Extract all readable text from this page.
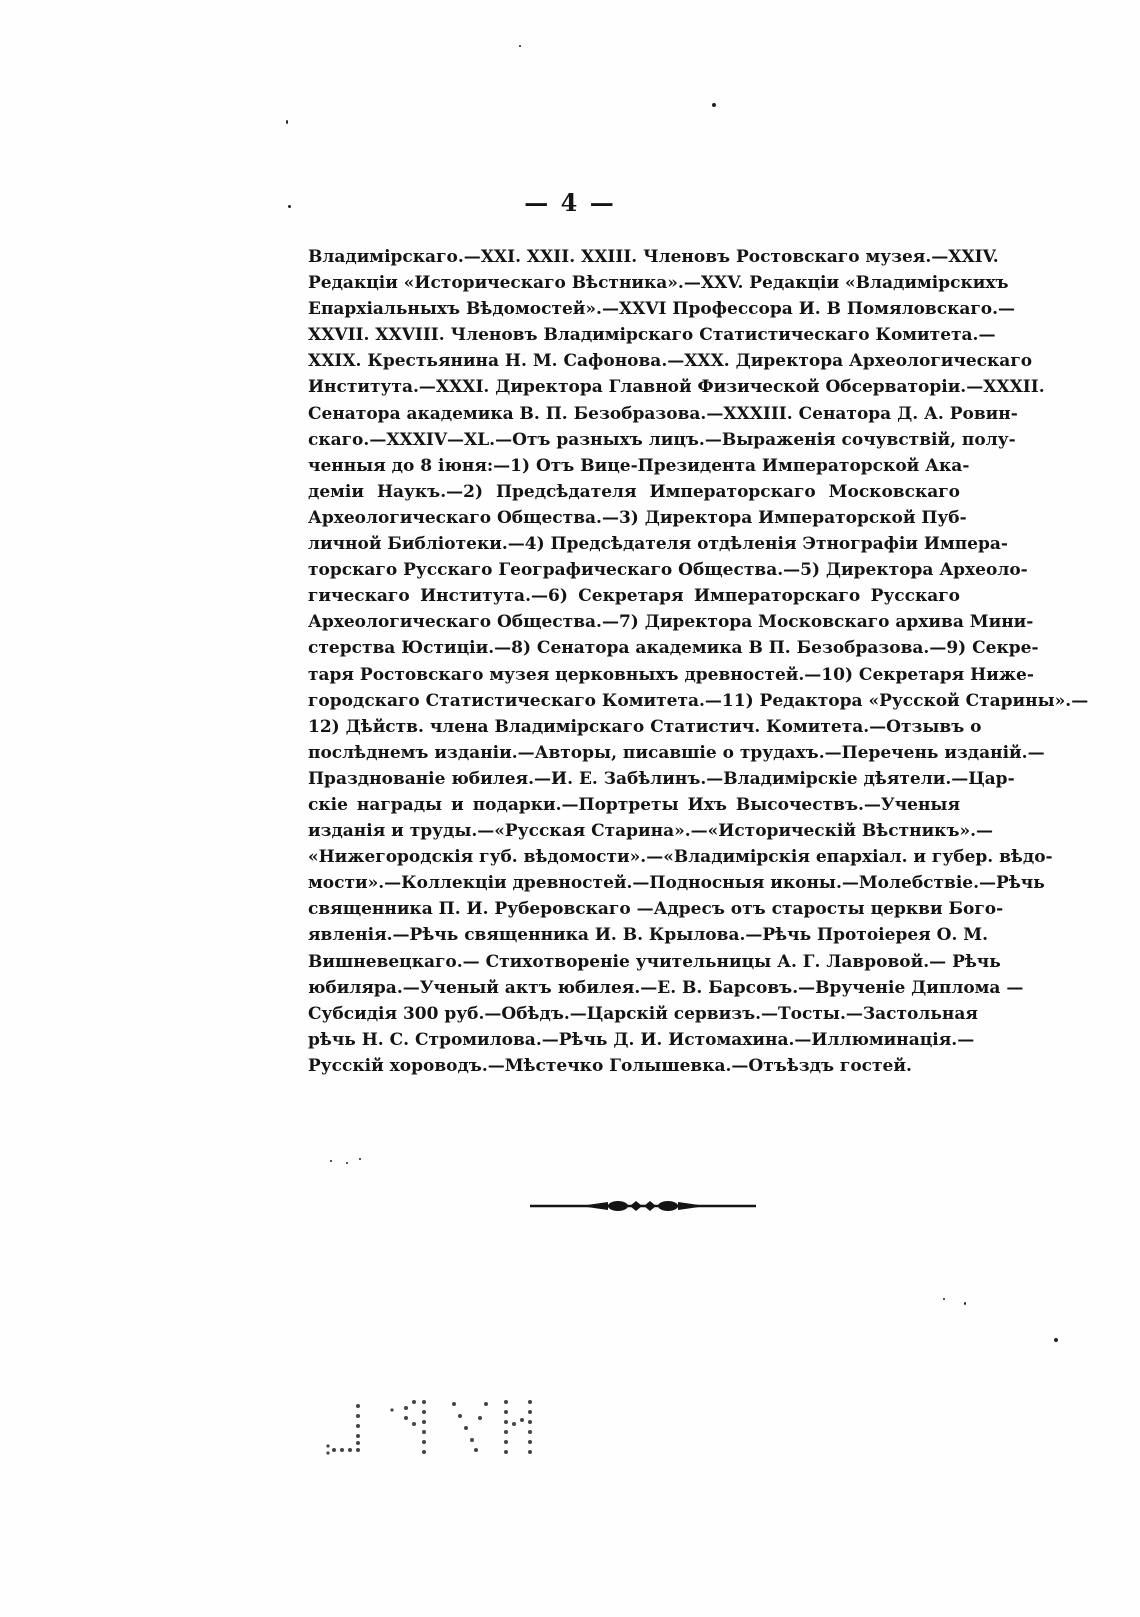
— 4 —
Владимірскаго.—XXI. XXII. XXIII. Членовъ Ростовскаго музея.—XXIV.
Редакціи «Историческаго Вѣстника».—XXV. Редакціи «Владимірскихъ
Епархіальныхъ Вѣдомостей».—XXVI Профессора И. В Помяловскаго.—
XXVII. XXVIII. Членовъ Владимірскаго Статистическаго Комитета.—
XXIX. Крестьянина Н. М. Сафонова.—XXX. Директора Археологическаго
Института.—XXXI. Директора Главной Физической Обсерваторіи.—XXXII.
Сенатора академика В. П. Безобразова.—XXXIII. Сенатора Д. А. Ровин-
скаго.—XXXIV—XL.—Отъ разныхъ лицъ.—Выраженія сочувствій, полу-
ченныя до 8 іюня:—1) Отъ Вице-Президента Императорской Ака-
деміи Наукъ.—2) Предсѣдателя Императорскаго Московскаго
Археологическаго Общества.—3) Директора Императорской Пуб-
личной Библіотеки.—4) Предсѣдателя отдѣленія Этнографіи Импера-
торскаго Русскаго Географическаго Общества.—5) Директора Археоло-
гическаго Института.—6) Секретаря Императорскаго Русскаго
Археологическаго Общества.—7) Директора Московскаго архива Мини-
стерства Юстиціи.—8) Сенатора академика В П. Безобразова.—9) Секре-
таря Ростовскаго музея церковныхъ древностей.—10) Секретаря Ниже-
городскаго Статистическаго Комитета.—11) Редактора «Русской Старины».—
12) Дѣйств. члена Владимірскаго Статистич. Комитета.—Отзывъ о
послѣднемъ изданіи.—Авторы, писавшіе о трудахъ.—Перечень изданій.—
Празднованіе юбилея.—И. Е. Забѣлинъ.—Владимірскіе дѣятели.—Цар-
скіе награды и подарки.—Портреты Ихъ Высочествъ.—Ученыя
изданія и труды.—«Русская Старина».—«Историческій Вѣстникъ».—
«Нижегородскія губ. вѣдомости».—«Владимірскія епархіал. и губер. вѣдо-
мости».—Коллекціи древностей.—Подносныя иконы.—Молебствіе.—Рѣчь
священника П. И. Руберовскаго —Адресъ отъ старосты церкви Бого-
явленія.—Рѣчь священника И. В. Крылова.—Рѣчь Протоіерея О. М.
Вишневецкаго.— Стихотвореніе учительницы А. Г. Лавровой.— Рѣчь
юбиляра.—Ученый актъ юбилея.—Е. В. Барсовъ.—Врученіе Диплома —
Субсидія 300 руб.—Обѣдъ.—Царскій сервизъ.—Тосты.—Застольная
рѣчь Н. С. Стромилова.—Рѣчь Д. И. Истомахина.—Иллюминація.—
Русскій хороводъ.—Мѣстечко Голышевка.—Отъѣздъ гостей.
